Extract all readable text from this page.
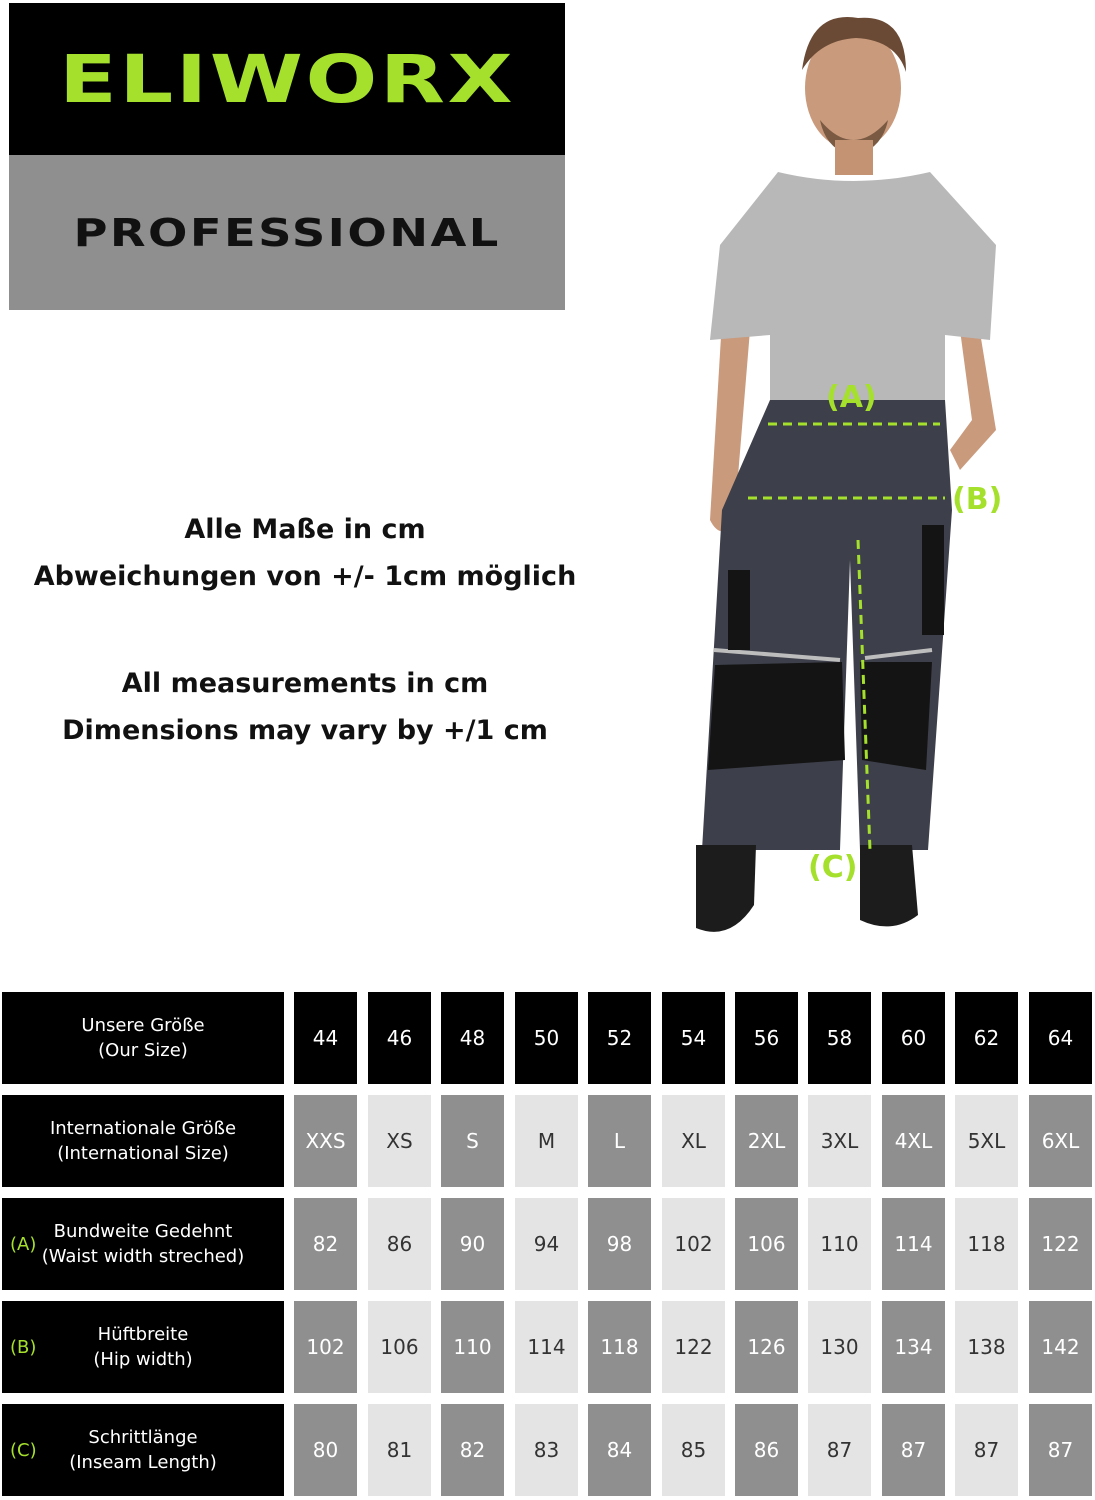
ELIWORX
PROFESSIONAL
Alle Maße in cm
Abweichungen von +/- 1cm möglich
All measurements in cm
Dimensions may vary by +/1 cm
(A)
(B)
(C)
Unsere Größe
(Our Size)
44	46	48	50	52	54	56	58	60	62	64
Internationale Größe
(International Size)
XXS	XS	S	M	L	XL	2XL	3XL	4XL	5XL	6XL
(A)
Bundweite Gedehnt
(Waist width streched)
82	86	90	94	98	102	106	110	114	118	122
(B)
Hüftbreite
(Hip width)
102	106	110	114	118	122	126	130	134	138	142
(C)
Schrittlänge
(Inseam Length)
80	81	82	83	84	85	86	87	87	87	87
